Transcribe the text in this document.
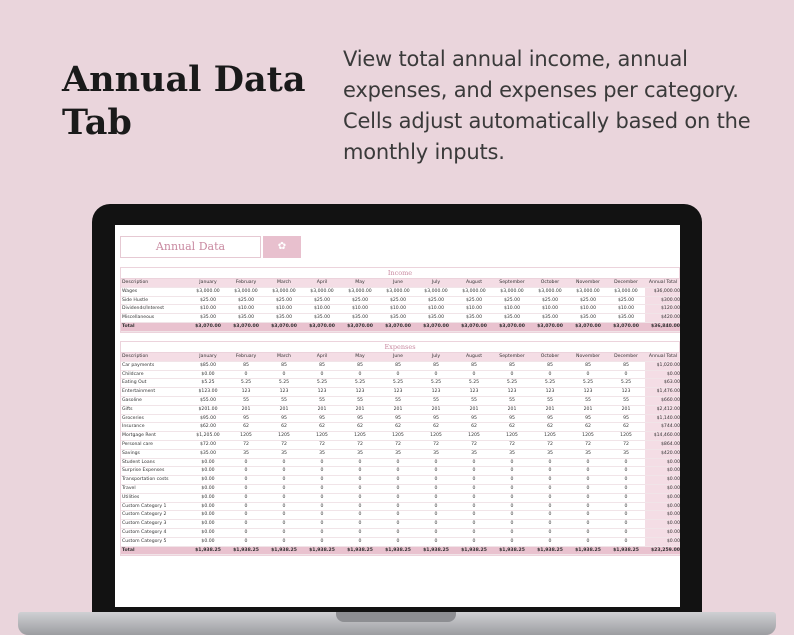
Annual Data
Tab
View total annual income, annual
expenses, and expenses per category.
Cells adjust automatically based on the
monthly inputs.
Annual Data	✿
Income
Description	January	February	March	April	May	June	July	August	September	October	November	December	Annual Total
Wages	$3,000.00	$3,000.00	$3,000.00	$3,000.00	$3,000.00	$3,000.00	$3,000.00	$3,000.00	$3,000.00	$3,000.00	$3,000.00	$3,000.00	$36,000.00
Side Hustle	$25.00	$25.00	$25.00	$25.00	$25.00	$25.00	$25.00	$25.00	$25.00	$25.00	$25.00	$25.00	$300.00
Dividends/Interest	$10.00	$10.00	$10.00	$10.00	$10.00	$10.00	$10.00	$10.00	$10.00	$10.00	$10.00	$10.00	$120.00
Miscellaneous	$35.00	$35.00	$35.00	$35.00	$35.00	$35.00	$35.00	$35.00	$35.00	$35.00	$35.00	$35.00	$420.00
Total	$3,070.00	$3,070.00	$3,070.00	$3,070.00	$3,070.00	$3,070.00	$3,070.00	$3,070.00	$3,070.00	$3,070.00	$3,070.00	$3,070.00	$36,840.00
Expenses
Description	January	February	March	April	May	June	July	August	September	October	November	December	Annual Total
Car payments	$85.00	85	85	85	85	85	85	85	85	85	85	85	$1,020.00
Childcare	$0.00	0	0	0	0	0	0	0	0	0	0	0	$0.00
Eating Out	$5.25	5.25	5.25	5.25	5.25	5.25	5.25	5.25	5.25	5.25	5.25	5.25	$63.00
Entertainment	$123.00	123	123	123	123	123	123	123	123	123	123	123	$1,476.00
Gasoline	$55.00	55	55	55	55	55	55	55	55	55	55	55	$660.00
Gifts	$201.00	201	201	201	201	201	201	201	201	201	201	201	$2,412.00
Groceries	$95.00	95	95	95	95	95	95	95	95	95	95	95	$1,140.00
Insurance	$62.00	62	62	62	62	62	62	62	62	62	62	62	$744.00
Mortgage Rent	$1,205.00	1205	1205	1205	1205	1205	1205	1205	1205	1205	1205	1205	$14,460.00
Personal care	$72.00	72	72	72	72	72	72	72	72	72	72	72	$864.00
Savings	$35.00	35	35	35	35	35	35	35	35	35	35	35	$420.00
Student Loans	$0.00	0	0	0	0	0	0	0	0	0	0	0	$0.00
Surprise Expenses	$0.00	0	0	0	0	0	0	0	0	0	0	0	$0.00
Transportation costs	$0.00	0	0	0	0	0	0	0	0	0	0	0	$0.00
Travel	$0.00	0	0	0	0	0	0	0	0	0	0	0	$0.00
Utilities	$0.00	0	0	0	0	0	0	0	0	0	0	0	$0.00
Custom Category 1	$0.00	0	0	0	0	0	0	0	0	0	0	0	$0.00
Custom Category 2	$0.00	0	0	0	0	0	0	0	0	0	0	0	$0.00
Custom Category 3	$0.00	0	0	0	0	0	0	0	0	0	0	0	$0.00
Custom Category 4	$0.00	0	0	0	0	0	0	0	0	0	0	0	$0.00
Custom Category 5	$0.00	0	0	0	0	0	0	0	0	0	0	0	$0.00
Total	$1,938.25	$1,938.25	$1,938.25	$1,938.25	$1,938.25	$1,938.25	$1,938.25	$1,938.25	$1,938.25	$1,938.25	$1,938.25	$1,938.25	$23,259.00
